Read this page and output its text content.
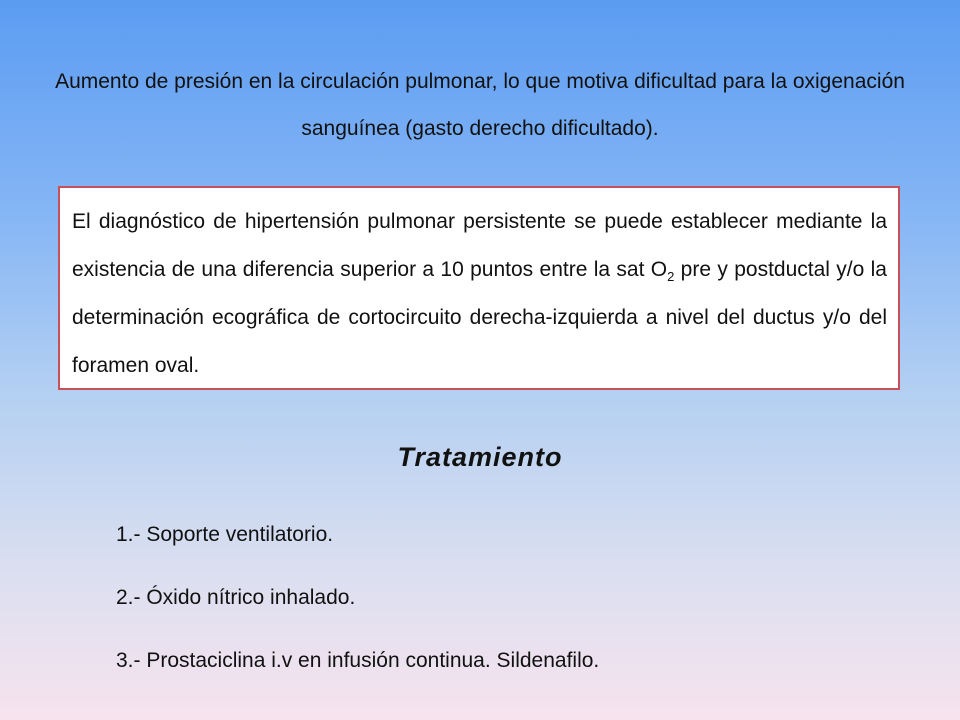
Aumento de presión en la circulación pulmonar, lo que motiva dificultad para la oxigenación sanguínea (gasto derecho dificultado).
El diagnóstico de hipertensión pulmonar persistente se puede establecer mediante la existencia de una diferencia superior a 10 puntos entre la sat $O_2$ pre y postductal y/o la determinación ecográfica de cortocircuito derecha-izquierda a nivel del ductus y/o del foramen oval.
Tratamiento
1.- Soporte ventilatorio.
2.- Óxido nítrico inhalado.
3.- Prostaciclina i.v en infusión continua. Sildenafilo.
